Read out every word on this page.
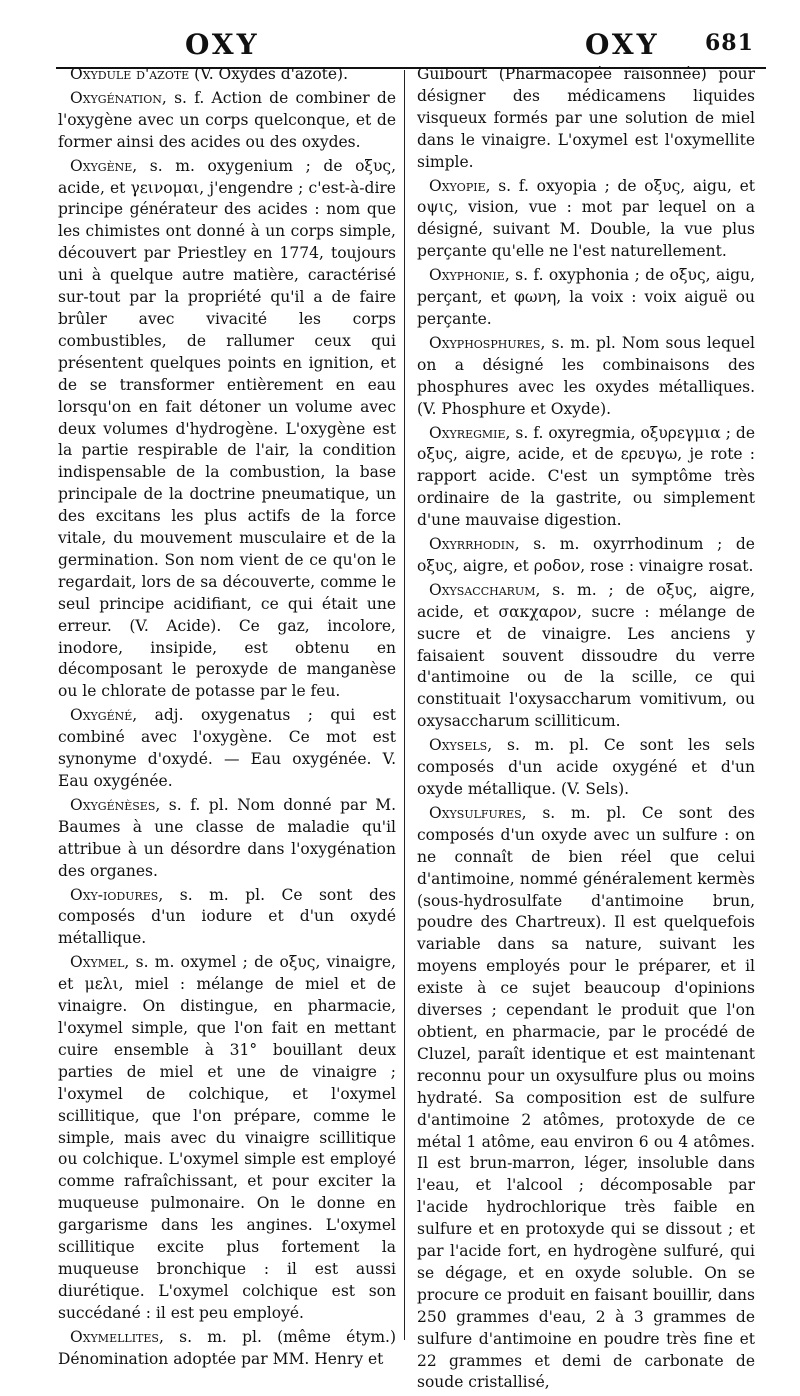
OXY	OXY 681

Oxydule d'azote (V. Oxydes d'azote).

Oxygénation, s. f. Action de combiner de l'oxygène avec un corps quelconque, et de former ainsi des acides ou des oxydes.

Oxygène, s. m. oxygenium ; de οξυς, acide, et γεινομαι, j'engendre ; c'est-à-dire principe générateur des acides : nom que les chimistes ont donné à un corps simple, découvert par Priestley en 1774, toujours uni à quelque autre matière, caractérisé sur-tout par la propriété qu'il a de faire brûler avec vivacité les corps combustibles, de rallumer ceux qui présentent quelques points en ignition, et de se transformer entièrement en eau lorsqu'on en fait détoner un volume avec deux volumes d'hydrogène. L'oxygène est la partie respirable de l'air, la condition indispensable de la combustion, la base principale de la doctrine pneumatique, un des excitans les plus actifs de la force vitale, du mouvement musculaire et de la germination. Son nom vient de ce qu'on le regardait, lors de sa découverte, comme le seul principe acidifiant, ce qui était une erreur. (V. Acide). Ce gaz, incolore, inodore, insipide, est obtenu en décomposant le peroxyde de manganèse ou le chlorate de potasse par le feu.

Oxygéné, adj. oxygenatus ; qui est combiné avec l'oxygène. Ce mot est synonyme d'oxydé. — Eau oxygénée. V. Eau oxygénée.

Oxygénèses, s. f. pl. Nom donné par M. Baumes à une classe de maladie qu'il attribue à un désordre dans l'oxygénation des organes.

Oxy-iodures, s. m. pl. Ce sont des composés d'un iodure et d'un oxydé métallique.

Oxymel, s. m. oxymel ; de οξυς, vinaigre, et μελι, miel : mélange de miel et de vinaigre. On distingue, en pharmacie, l'oxymel simple, que l'on fait en mettant cuire ensemble à 31° bouillant deux parties de miel et une de vinaigre ; l'oxymel de colchique, et l'oxymel scillitique, que l'on prépare, comme le simple, mais avec du vinaigre scillitique ou colchique. L'oxymel simple est employé comme rafraîchissant, et pour exciter la muqueuse pulmonaire. On le donne en gargarisme dans les angines. L'oxymel scillitique excite plus fortement la muqueuse bronchique : il est aussi diurétique. L'oxymel colchique est son succédané : il est peu employé.

Oxymellites, s. m. pl. (même étym.) Dénomination adoptée par MM. Henry et

Guibourt (Pharmacopée raisonnée) pour désigner des médicamens liquides visqueux formés par une solution de miel dans le vinaigre. L'oxymel est l'oxymellite simple.

Oxyopie, s. f. oxyopia ; de οξυς, aigu, et οψις, vision, vue : mot par lequel on a désigné, suivant M. Double, la vue plus perçante qu'elle ne l'est naturellement.

Oxyphonie, s. f. oxyphonia ; de οξυς, aigu, perçant, et φωνη, la voix : voix aiguë ou perçante.

Oxyphosphures, s. m. pl. Nom sous lequel on a désigné les combinaisons des phosphures avec les oxydes métalliques. (V. Phosphure et Oxyde).

Oxyregmie, s. f. oxyregmia, οξυρεγμια ; de οξυς, aigre, acide, et de ερευγω, je rote : rapport acide. C'est un symptôme très ordinaire de la gastrite, ou simplement d'une mauvaise digestion.

Oxyrrhodin, s. m. oxyrrhodinum ; de οξυς, aigre, et ροδον, rose : vinaigre rosat.

Oxysaccharum, s. m. ; de οξυς, aigre, acide, et σακχαρον, sucre : mélange de sucre et de vinaigre. Les anciens y faisaient souvent dissoudre du verre d'antimoine ou de la scille, ce qui constituait l'oxysaccharum vomitivum, ou oxysaccharum scilliticum.

Oxysels, s. m. pl. Ce sont les sels composés d'un acide oxygéné et d'un oxyde métallique. (V. Sels).

Oxysulfures, s. m. pl. Ce sont des composés d'un oxyde avec un sulfure : on ne connaît de bien réel que celui d'antimoine, nommé généralement kermès (sous-hydrosulfate d'antimoine brun, poudre des Chartreux). Il est quelquefois variable dans sa nature, suivant les moyens employés pour le préparer, et il existe à ce sujet beaucoup d'opinions diverses ; cependant le produit que l'on obtient, en pharmacie, par le procédé de Cluzel, paraît identique et est maintenant reconnu pour un oxysulfure plus ou moins hydraté. Sa composition est de sulfure d'antimoine 2 atômes, protoxyde de ce métal 1 atôme, eau environ 6 ou 4 atômes. Il est brun-marron, léger, insoluble dans l'eau, et l'alcool ; décomposable par l'acide hydrochlorique très faible en sulfure et en protoxyde qui se dissout ; et par l'acide fort, en hydrogène sulfuré, qui se dégage, et en oxyde soluble. On se procure ce produit en faisant bouillir, dans 250 grammes d'eau, 2 à 3 grammes de sulfure d'antimoine en poudre très fine et 22 grammes et demi de carbonate de soude cristallisé,
